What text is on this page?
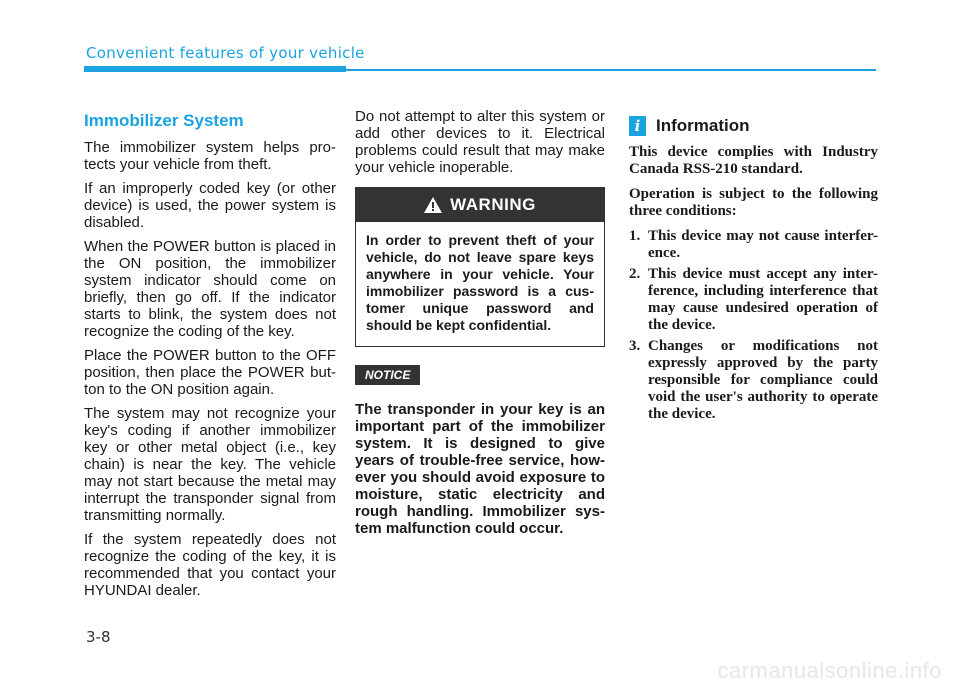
Convenient features of your vehicle
Immobilizer System

The immobilizer system helps pro-tects your vehicle from theft.

If an improperly coded key (or other device) is used, the power system is disabled.

When the POWER button is placed in the ON position, the immobilizer system indicator should come on briefly, then go off. If the indicator starts to blink, the system does not recognize the coding of the key.

Place the POWER button to the OFF position, then place the POWER but-ton to the ON position again.

The system may not recognize your key's coding if another immobilizer key or other metal object (i.e., key chain) is near the key. The vehicle may not start because the metal may interrupt the transponder signal from transmitting normally.

If the system repeatedly does not recognize the coding of the key, it is recommended that you contact your HYUNDAI dealer.

Do not attempt to alter this system or add other devices to it. Electrical problems could result that may make your vehicle inoperable.

WARNING
In order to prevent theft of your vehicle, do not leave spare keys anywhere in your vehicle. Your immobilizer password is a cus-tomer unique password and should be kept confidential.
NOTICE

The transponder in your key is an important part of the immobilizer system. It is designed to give years of trouble-free service, how-ever you should avoid exposure to moisture, static electricity and rough handling. Immobilizer sys-tem malfunction could occur.

i Information

This device complies with Industry Canada RSS-210 standard.

Operation is subject to the following three conditions:

1. This device may not cause interfer-ence.
2. This device must accept any inter-ference, including interference that may cause undesired operation of the device.
3. Changes or modifications not expressly approved by the party responsible for compliance could void the user's authority to operate the device.
3-8
carmanualsonline.info
